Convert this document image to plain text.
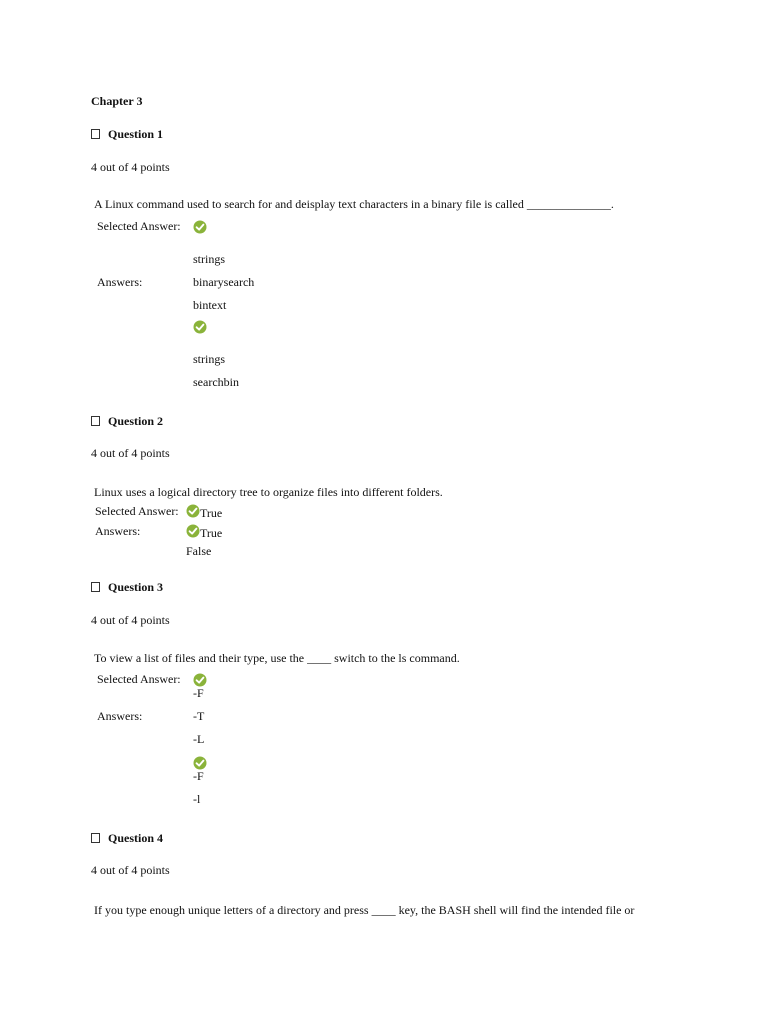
Chapter 3
Question 1
4 out of 4 points
A Linux command used to search for and deisplay text characters in a binary file is called ______________.
Selected Answer:
Answers:
strings
binarysearch
bintext
strings
searchbin
Question 2
4 out of 4 points
Linux uses a logical directory tree to organize files into different folders.
Selected Answer: True
Answers:	True
False
Question 3
4 out of 4 points
To view a list of files and their type, use the ____ switch to the ls command.
Selected Answer:
-F
Answers:	-T
-L
-F
-l
Question 4
4 out of 4 points
If you type enough unique letters of a directory and press ____ key, the BASH shell will find the intended file or
